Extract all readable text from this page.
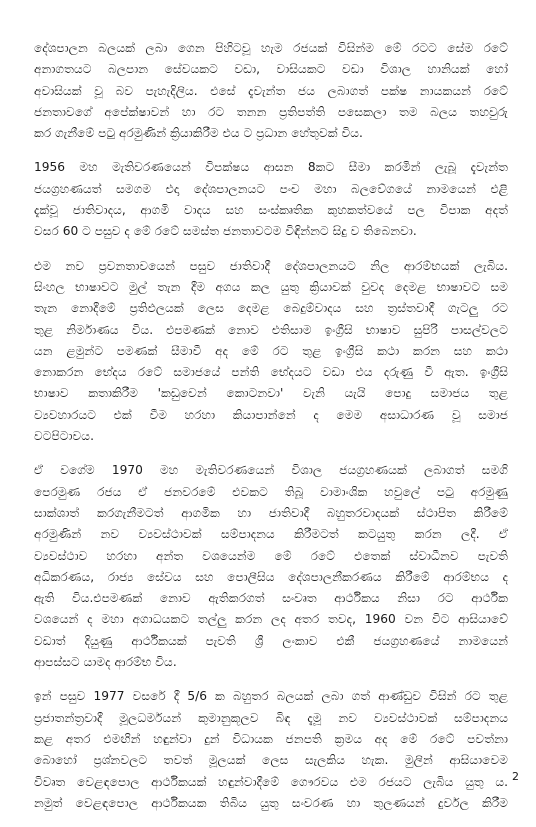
දේශපාලන බලයක් ලබා ගෙන පිහිටවූ හැම රජයක් විසින්ම මේ රටට සේම රටේ
අනාගතයට බලපාන සේවයකට වඩා, වාසියකට වඩා විශාල හානියක් හෝ
අවාසියක් වූ බව පැහැදිලිය. එසේ දැවැන්ත ජය ලබාගත් පක්ෂ නායකයන් රටේ
ජනතාවගේ අපේක්ෂාවන් හා රට තනන ප්‍රතිපත්ති පසෙකලා තම බලය තහවුරු
කර ගැනීමේ පටු අරමුණින් ක්‍රියාකිරීම එය ට ප්‍රධාන හේතුවක් විය.

1956 මහ මැතිවරණයෙන් විපක්ෂය ආසන 8කට සීමා කරමින් ලැබූ දැවැන්ත
ජයග්‍රහණයත් සමගම එදා දේශපාලනයට පංච මහා බලවේගයේ නාමයෙන් එළි
දැක්වූ ජාතිවාදය, ආගමි වාදය සහ සංස්කෘතික කුහකත්වයේ පල විපාක අදත්
වසර 60 ට පසුව ද මේ රටේ සමස්ත ජනතාවටම විඳින්නට සිදු ව තිබෙනවා.

එම නව ප්‍රවනතාවයෙන් පසුව ජාතිවාදී දේශපාලනයට නිල ආරම්භයක් ලැබිය.
සිංහල භාෂාවට මුල් තැන දීම අගය කල යුතු ක්‍රියාවක් වුවද දෙමළ භාෂාවට සම
තැන නොදීමේ ප්‍රතිඵලයක් ලෙස දෙමළ බෙදුම්වාදය සහ ත්‍රස්තවාදී ගැටලු රට
තුළ නිර්මාණය විය. එපමණක් නොව එතිසාම ඉංග්‍රීසි භාෂාව සුපිරි පාසල්වලට
යන ළමුන්ට පමණක් සීමාවී අද මේ රට තුළ ඉංග්‍රීසි කථා කරන සහ කථා
නොකරන භේදය රටේ සමාජයේ පන්ති භේදයට වඩා එය දරුණු වී ඇත. ඉංග්‍රීසි
භාෂාව කතාකිරීම 'කඩුවෙන් කොටනවා' වැනි යැයි පොදු සමාජය තුළ
ව්‍යවහාරයට එක් වීම හරහා කියාපාන්නේ ද මෙම අසාධාරණ වූ සමාජ
වටපිටාවය.

ඒ වගේම 1970 මහ මැතිවරණයෙන් විශාල ජයග්‍රහණයක් ලබාගත් සමගි
පෙරමුණ රජය ඒ ජනවරමේ එවකට තිබූ වාමාංශික හවුලේ පටු අරමුණු
සාක්ශාත් කරගැනීමටත් ආගමික හා ජාතිවාදී බහුතරවාදයක් ස්ථාපිත කිරීමේ
අරමුණින් නව ව්‍යවස්ථාවක් සම්පාදනය කිරීමටත් කටයුතු කරන ලදී. ඒ
ව්‍යවස්ථාව හරහා අන්ත වශයෙන්ම මේ රටේ එතෙක් ස්වාධීනව පැවති
අධිකරණය, රාජ්‍ය සේවය සහ පොලීසිය දේශපාලනීකරණය කිරීමේ ආරම්භය ද
ඇති විය.එපමණක් නොව ඇතිකරගත් සංවෘත ආර්ථිකය නිසා රට ආර්ථික
වශයෙන් ද මහා අගාධයකට තල්ලු කරන ලද අතර තවද, 1960 වන විට ආසියාවේ
වඩාත් දියුණු ආර්ථිකයක් පැවති ශ්‍රී ලංකාව එකී ජයග්‍රහණයේ නාමයෙන්
ආපස්සට යාමද ආරම්භ විය.

ඉන් පසුව 1977 වසරේ දී 5/6 ක බහුතර බලයක් ලබා ගත් ආණ්ඩුව විසින් රට තුළ
ප්‍රජාතන්ත්‍රවාදී මූලධර්මයන් කුමානුකූලව බිඳ දැමූ නව ව්‍යවස්ථාවක් සම්පාදනය
කළ අතර එමඟින් හඳුන්වා දුන් විධායක ජනපති ක්‍රමය අද මේ රටේ පවත්නා
බොහෝ ප්‍රශ්නවලට තවත් මූලයක් ලෙස සැලකිය හැක. මුලින් ආසියාවෙම
විවෘත වෙළඳපොල ආර්ථිකයක් හඳුන්වාදීමේ ගෞරවය එම රජයට ලැබිය යුතු ය.
නමුත් වෙළඳපොල ආර්ථිකයක තිබිය යුතු සංවරණ හා තුලණයන් දුර්වල කිරීම

2
